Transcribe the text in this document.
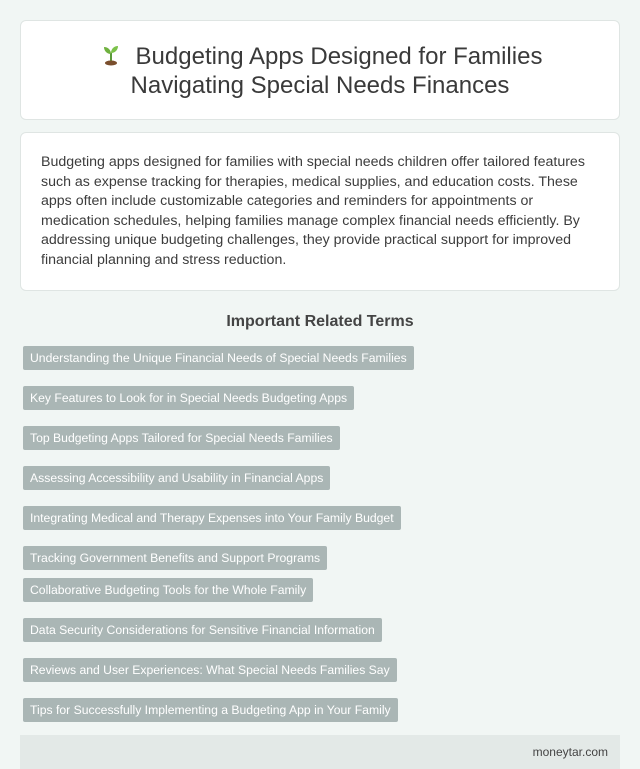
Budgeting Apps Designed for Families
Navigating Special Needs Finances

Budgeting apps designed for families with special needs children offer tailored features such as expense tracking for therapies, medical supplies, and education costs. These apps often include customizable categories and reminders for appointments or medication schedules, helping families manage complex financial needs efficiently. By addressing unique budgeting challenges, they provide practical support for improved financial planning and stress reduction.

Important Related Terms
Understanding the Unique Financial Needs of Special Needs Families
Key Features to Look for in Special Needs Budgeting Apps
Top Budgeting Apps Tailored for Special Needs Families
Assessing Accessibility and Usability in Financial Apps
Integrating Medical and Therapy Expenses into Your Family Budget
Tracking Government Benefits and Support Programs
Collaborative Budgeting Tools for the Whole Family
Data Security Considerations for Sensitive Financial Information
Reviews and User Experiences: What Special Needs Families Say
Tips for Successfully Implementing a Budgeting App in Your Family
moneytar.com
